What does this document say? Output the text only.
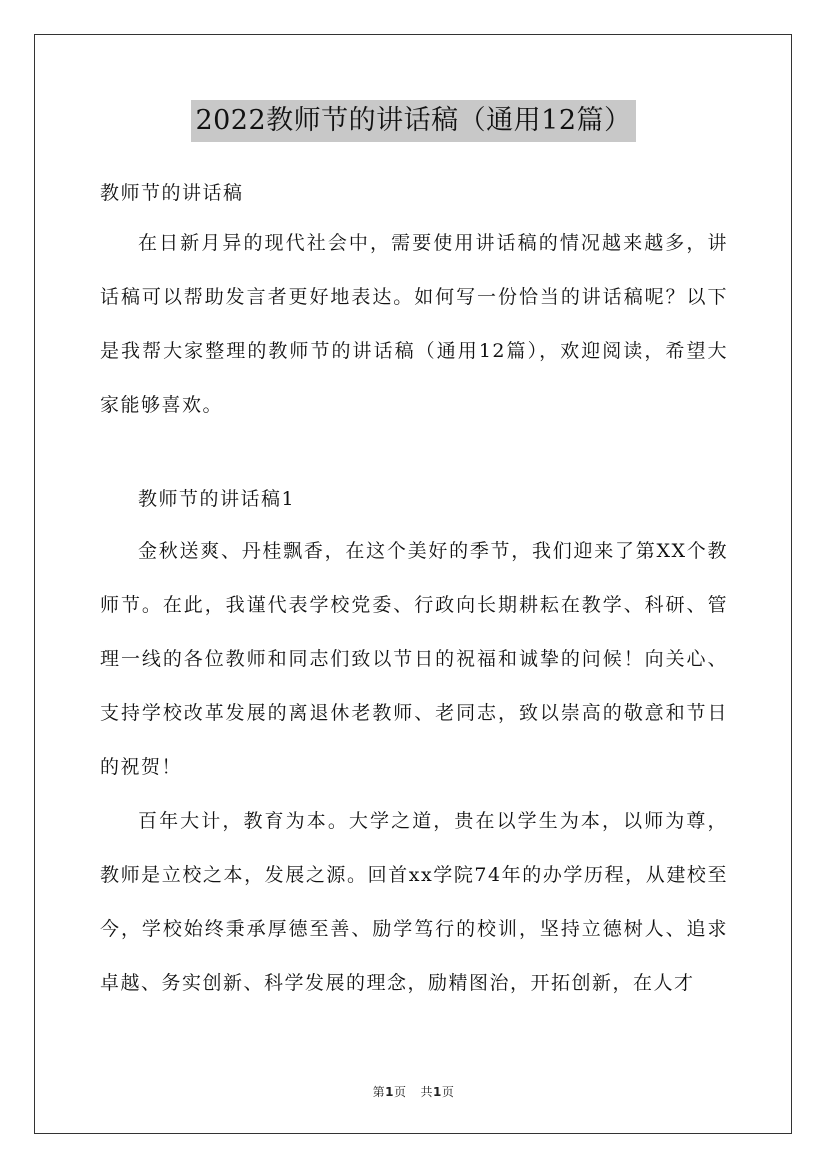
2022教师节的讲话稿（通用12篇）

教师节的讲话稿

在日新月异的现代社会中，需要使用讲话稿的情况越来越多，讲话稿可以帮助发言者更好地表达。如何写一份恰当的讲话稿呢？以下是我帮大家整理的教师节的讲话稿（通用12篇），欢迎阅读，希望大家能够喜欢。

教师节的讲话稿1

金秋送爽、丹桂飘香，在这个美好的季节，我们迎来了第XX个教师节。在此，我谨代表学校党委、行政向长期耕耘在教学、科研、管理一线的各位教师和同志们致以节日的祝福和诚挚的问候！向关心、支持学校改革发展的离退休老教师、老同志，致以崇高的敬意和节日的祝贺！

百年大计，教育为本。大学之道，贵在以学生为本，以师为尊，教师是立校之本，发展之源。回首xx学院74年的办学历程，从建校至今，学校始终秉承厚德至善、励学笃行的校训，坚持立德树人、追求卓越、务实创新、科学发展的理念，励精图治，开拓创新，在人才

第1页 共1页
